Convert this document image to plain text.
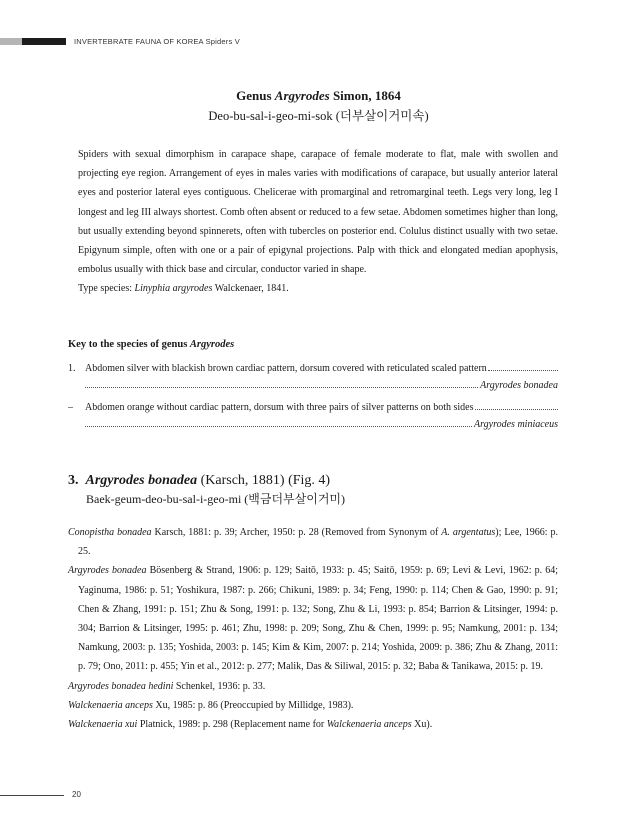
INVERTEBRATE FAUNA OF KOREA Spiders V
Genus Argyrodes Simon, 1864
Deo-bu-sal-i-geo-mi-sok (더부살이거미속)
Spiders with sexual dimorphism in carapace shape, carapace of female moderate to flat, male with swollen and projecting eye region. Arrangement of eyes in males varies with modifications of carapace, but usually anterior lateral eyes and posterior lateral eyes contiguous. Chelicerae with promarginal and retromarginal teeth. Legs very long, leg I longest and leg III always shortest. Comb often absent or reduced to a few setae. Abdomen sometimes higher than long, but usually extending beyond spinnerets, often with tubercles on posterior end. Colulus distinct usually with two setae. Epigynum simple, often with one or a pair of epigynal projections. Palp with thick and elongated median apophysis, embolus usually with thick base and circular, conductor varied in shape.
Type species: Linyphia argyrodes Walckenaer, 1841.
Key to the species of genus Argyrodes
1. Abdomen silver with blackish brown cardiac pattern, dorsum covered with reticulated scaled pattern
Argyrodes bonadea
–	Abdomen orange without cardiac pattern, dorsum with three pairs of silver patterns on both sides
Argyrodes miniaceus
3. Argyrodes bonadea (Karsch, 1881) (Fig. 4)
Baek-geum-deo-bu-sal-i-geo-mi (백금더부살이거미)
Conopistha bonadea Karsch, 1881: p. 39; Archer, 1950: p. 28 (Removed from Synonym of A. argentatus); Lee, 1966: p. 25.
Argyrodes bonadea Bösenberg & Strand, 1906: p. 129; Saitō, 1933: p. 45; Saitō, 1959: p. 69; Levi & Levi, 1962: p. 64; Yaginuma, 1986: p. 51; Yoshikura, 1987: p. 266; Chikuni, 1989: p. 34; Feng, 1990: p. 114; Chen & Gao, 1990: p. 91; Chen & Zhang, 1991: p. 151; Zhu & Song, 1991: p. 132; Song, Zhu & Li, 1993: p. 854; Barrion & Litsinger, 1994: p. 304; Barrion & Litsinger, 1995: p. 461; Zhu, 1998: p. 209; Song, Zhu & Chen, 1999: p. 95; Namkung, 2001: p. 134; Namkung, 2003: p. 135; Yoshida, 2003: p. 145; Kim & Kim, 2007: p. 214; Yoshida, 2009: p. 386; Zhu & Zhang, 2011: p. 79; Ono, 2011: p. 455; Yin et al., 2012: p. 277; Malik, Das & Siliwal, 2015: p. 32; Baba & Tanikawa, 2015: p. 19.
Argyrodes bonadea hedini Schenkel, 1936: p. 33.
Walckenaeria anceps Xu, 1985: p. 86 (Preoccupied by Millidge, 1983).
Walckenaeria xui Platnick, 1989: p. 298 (Replacement name for Walckenaeria anceps Xu).
20
